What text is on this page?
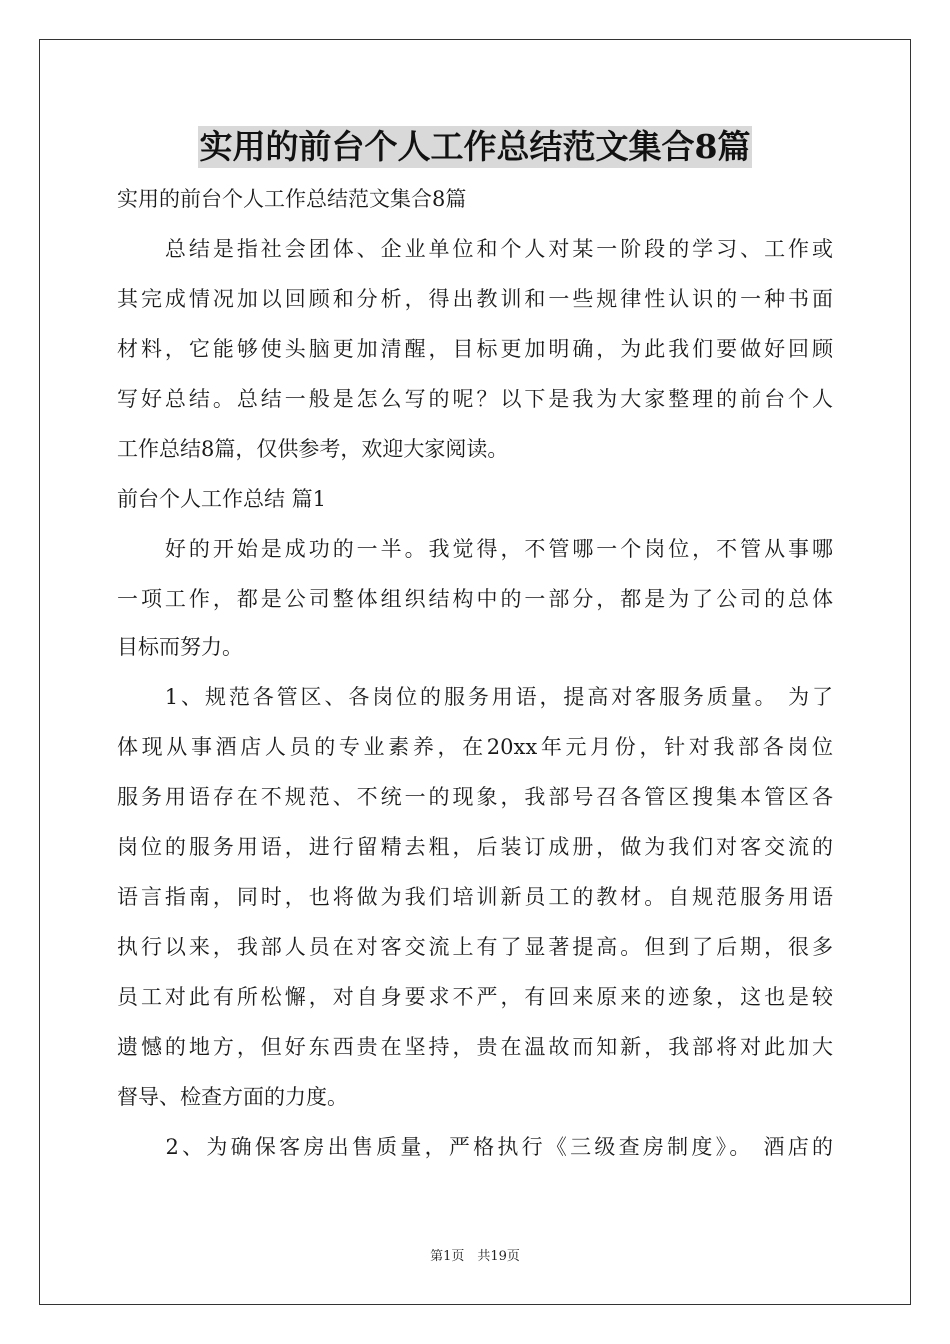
实用的前台个人工作总结范文集合8篇
实用的前台个人工作总结范文集合8篇
　　总结是指社会团体、企业单位和个人对某一阶段的学习、工作或
其完成情况加以回顾和分析，得出教训和一些规律性认识的一种书面
材料，它能够使头脑更加清醒，目标更加明确，为此我们要做好回顾
写好总结。总结一般是怎么写的呢？以下是我为大家整理的前台个人
工作总结8篇，仅供参考，欢迎大家阅读。
前台个人工作总结 篇1
　　好的开始是成功的一半。我觉得，不管哪一个岗位，不管从事哪
一项工作，都是公司整体组织结构中的一部分，都是为了公司的总体
目标而努力。
　　1、规范各管区、各岗位的服务用语，提高对客服务质量。 为了
体现从事酒店人员的专业素养，在20xx年元月份，针对我部各岗位
服务用语存在不规范、不统一的现象，我部号召各管区搜集本管区各
岗位的服务用语，进行留精去粗，后装订成册，做为我们对客交流的
语言指南，同时，也将做为我们培训新员工的教材。自规范服务用语
执行以来，我部人员在对客交流上有了显著提高。但到了后期，很多
员工对此有所松懈，对自身要求不严，有回来原来的迹象，这也是较
遗憾的地方，但好东西贵在坚持，贵在温故而知新，我部将对此加大
督导、检查方面的力度。
　　2、为确保客房出售质量，严格执行《三级查房制度》。 酒店的
第1页　共19页
